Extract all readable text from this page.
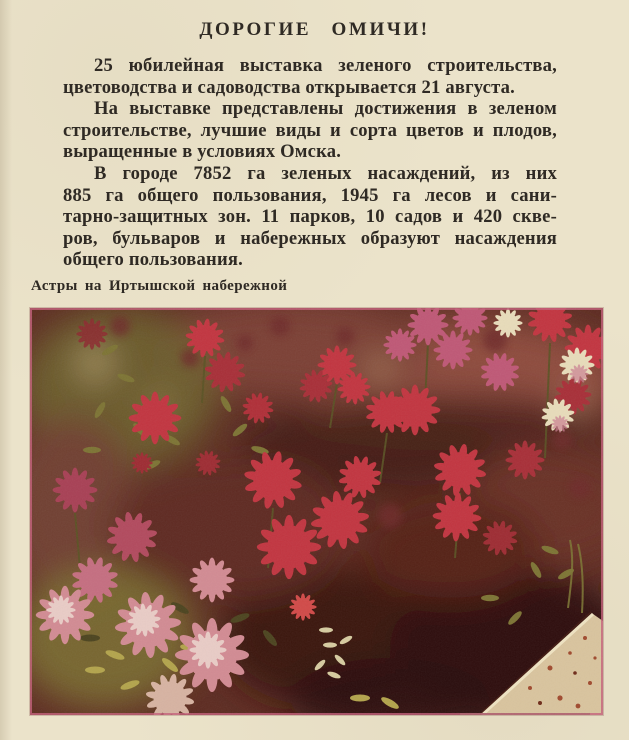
ДОРОГИЕ ОМИЧИ!

25 юбилейная выставка зеленого строительства,
цветоводства и садоводства открывается 21 августа.

На выставке представлены достижения в зеленом
строительстве, лучшие виды и сорта цветов и плодов,
выращенные в условиях Омска.

В городе 7852 га зеленых насаждений, из них
885 га общего пользования, 1945 га лесов и сани-
тарно-защитных зон. 11 парков, 10 садов и 420 скве-
ров, бульваров и набережных образуют насаждения
общего пользования.

Астры на Иртышской набережной
